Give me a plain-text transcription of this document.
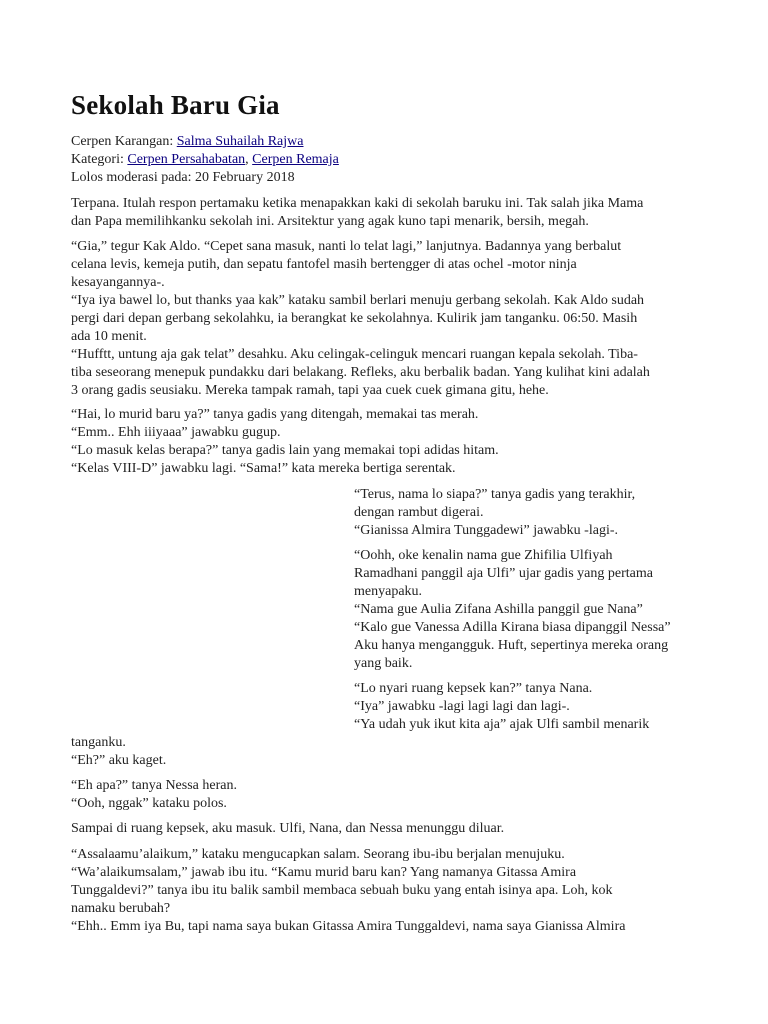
Sekolah Baru Gia
Cerpen Karangan: Salma Suhailah Rajwa
Kategori: Cerpen Persahabatan, Cerpen Remaja
Lolos moderasi pada: 20 February 2018

Terpana. Itulah respon pertamaku ketika menapakkan kaki di sekolah baruku ini. Tak salah jika Mama

dan Papa memilihkanku sekolah ini. Arsitektur yang agak kuno tapi menarik, bersih, megah.

“Gia,” tegur Kak Aldo. “Cepet sana masuk, nanti lo telat lagi,” lanjutnya. Badannya yang berbalut

celana levis, kemeja putih, dan sepatu fantofel masih bertengger di atas ochel -motor ninja

kesayangannya-.

“Iya iya bawel lo, but thanks yaa kak” kataku sambil berlari menuju gerbang sekolah. Kak Aldo sudah

pergi dari depan gerbang sekolahku, ia berangkat ke sekolahnya. Kulirik jam tanganku. 06:50. Masih

ada 10 menit.

“Hufftt, untung aja gak telat” desahku. Aku celingak-celinguk mencari ruangan kepala sekolah. Tiba-

tiba seseorang menepuk pundakku dari belakang. Refleks, aku berbalik badan. Yang kulihat kini adalah

3 orang gadis seusiaku. Mereka tampak ramah, tapi yaa cuek cuek gimana gitu, hehe.

“Hai, lo murid baru ya?” tanya gadis yang ditengah, memakai tas merah.

“Emm.. Ehh iiiyaaa” jawabku gugup.

“Lo masuk kelas berapa?” tanya gadis lain yang memakai topi adidas hitam.

“Kelas VIII-D” jawabku lagi. “Sama!” kata mereka bertiga serentak.

“Terus, nama lo siapa?” tanya gadis yang terakhir,

dengan rambut digerai.

“Gianissa Almira Tunggadewi” jawabku -lagi-.

“Oohh, oke kenalin nama gue Zhifilia Ulfiyah

Ramadhani panggil aja Ulfi” ujar gadis yang pertama

menyapaku.

“Nama gue Aulia Zifana Ashilla panggil gue Nana”

“Kalo gue Vanessa Adilla Kirana biasa dipanggil Nessa”

Aku hanya mengangguk. Huft, sepertinya mereka orang

yang baik.

“Lo nyari ruang kepsek kan?” tanya Nana.

“Iya” jawabku -lagi lagi lagi dan lagi-.

“Ya udah yuk ikut kita aja” ajak Ulfi sambil menarik

tanganku.

“Eh?” aku kaget.

“Eh apa?” tanya Nessa heran.

“Ooh, nggak” kataku polos.

Sampai di ruang kepsek, aku masuk. Ulfi, Nana, dan Nessa menunggu diluar.

“Assalaamu’alaikum,” kataku mengucapkan salam. Seorang ibu-ibu berjalan menujuku.

“Wa’alaikumsalam,” jawab ibu itu. “Kamu murid baru kan? Yang namanya Gitassa Amira

Tunggaldevi?” tanya ibu itu balik sambil membaca sebuah buku yang entah isinya apa. Loh, kok

namaku berubah?

“Ehh.. Emm iya Bu, tapi nama saya bukan Gitassa Amira Tunggaldevi, nama saya Gianissa Almira
